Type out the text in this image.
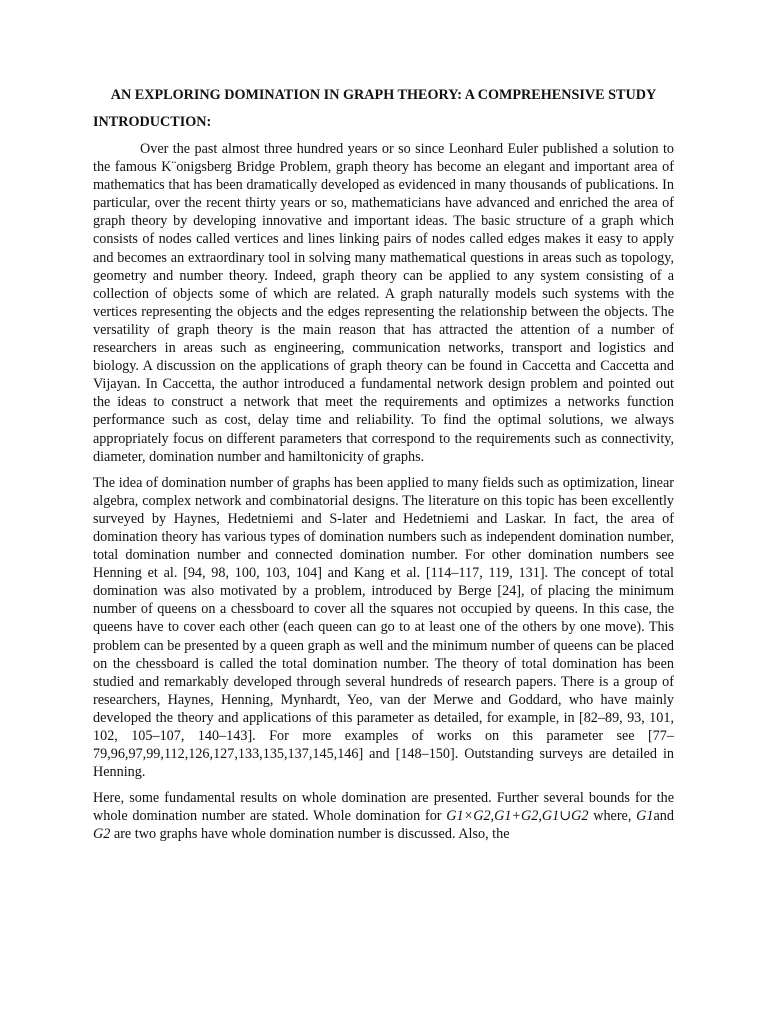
AN EXPLORING DOMINATION IN GRAPH THEORY: A COMPREHENSIVE STUDY
INTRODUCTION:

Over the past almost three hundred years or so since Leonhard Euler published a solution to the famous K¨onigsberg Bridge Problem, graph theory has become an elegant and important area of mathematics that has been dramatically developed as evidenced in many thousands of publications. In particular, over the recent thirty years or so, mathematicians have advanced and enriched the area of graph theory by developing innovative and important ideas. The basic structure of a graph which consists of nodes called vertices and lines linking pairs of nodes called edges makes it easy to apply and becomes an extraordinary tool in solving many mathematical questions in areas such as topology, geometry and number theory. Indeed, graph theory can be applied to any system consisting of a collection of objects some of which are related. A graph naturally models such systems with the vertices representing the objects and the edges representing the relationship between the objects. The versatility of graph theory is the main reason that has attracted the attention of a number of researchers in areas such as engineering, communication networks, transport and logistics and biology. A discussion on the applications of graph theory can be found in Caccetta and Caccetta and Vijayan. In Caccetta, the author introduced a fundamental network design problem and pointed out the ideas to construct a network that meet the requirements and optimizes a networks function performance such as cost, delay time and reliability. To find the optimal solutions, we always appropriately focus on different parameters that correspond to the requirements such as connectivity, diameter, domination number and hamiltonicity of graphs.

The idea of domination number of graphs has been applied to many fields such as optimization, linear algebra, complex network and combinatorial designs. The literature on this topic has been excellently surveyed by Haynes, Hedetniemi and S-later and Hedetniemi and Laskar. In fact, the area of domination theory has various types of domination numbers such as independent domination number, total domination number and connected domination number. For other domination numbers see Henning et al. [94, 98, 100, 103, 104] and Kang et al. [114–117, 119, 131]. The concept of total domination was also motivated by a problem, introduced by Berge [24], of placing the minimum number of queens on a chessboard to cover all the squares not occupied by queens. In this case, the queens have to cover each other (each queen can go to at least one of the others by one move). This problem can be presented by a queen graph as well and the minimum number of queens can be placed on the chessboard is called the total domination number. The theory of total domination has been studied and remarkably developed through several hundreds of research papers. There is a group of researchers, Haynes, Henning, Mynhardt, Yeo, van der Merwe and Goddard, who have mainly developed the theory and applications of this parameter as detailed, for example, in [82–89, 93, 101, 102, 105–107, 140–143]. For more examples of works on this parameter see [77–79,96,97,99,112,126,127,133,135,137,145,146] and [148–150]. Outstanding surveys are detailed in Henning.

Here, some fundamental results on whole domination are presented. Further several bounds for the whole domination number are stated. Whole domination for G1×G2,G1+G2,G1∪G2 where, G1and G2 are two graphs have whole domination number is discussed. Also, the
